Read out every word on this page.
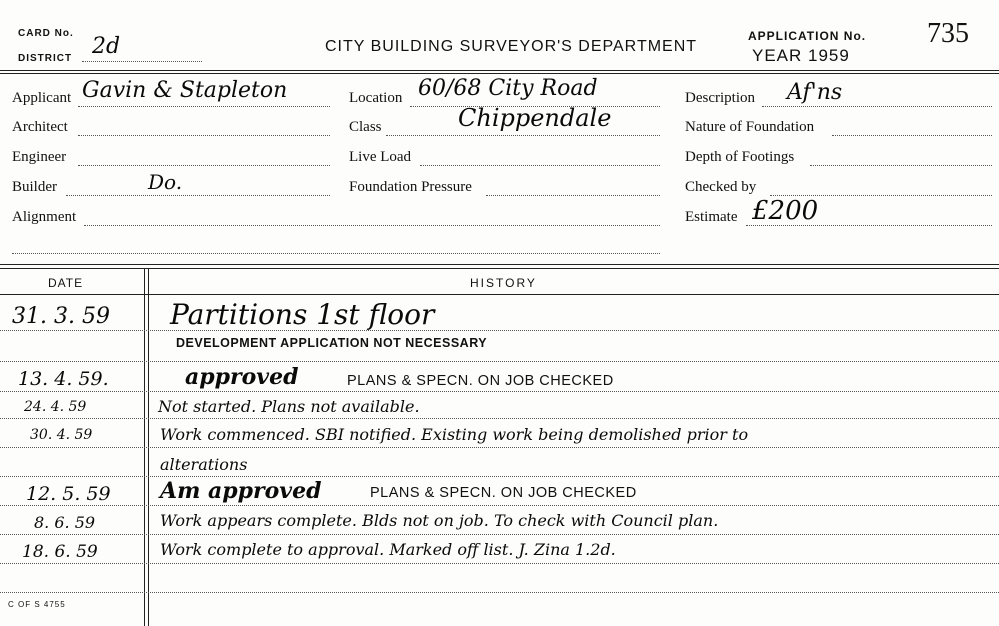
CARD No.
DISTRICT 2d	CITY BUILDING SURVEYOR'S DEPARTMENT
APPLICATION No. 735
YEAR 1959
Applicant Gavin & Stapleton
Architect
Engineer
Builder	Do.
Alignment
Location 60/68 City Road
Class	Chippendale
Live Load
Foundation Pressure
Description Af'ns
Nature of Foundation
Depth of Footings
Checked by
Estimate £200
DATE	HISTORY
31. 3. 59 Partitions 1st floor
DEVELOPMENT APPLICATION NOT NECESSARY
13. 4. 59.	approved	PLANS & SPECN. ON JOB CHECKED
24. 4. 59	Not started. Plans not available.
30. 4. 59	Work commenced. SBI notified. Existing work being demolished prior to
alterations
12. 5. 59 Am approved	PLANS & SPECN. ON JOB CHECKED
8. 6. 59	Work appears complete. Blds not on job. To check with Council plan.
18. 6. 59	Work complete to approval. Marked off list. J. Zina 1.2d.
C OF S 4755
